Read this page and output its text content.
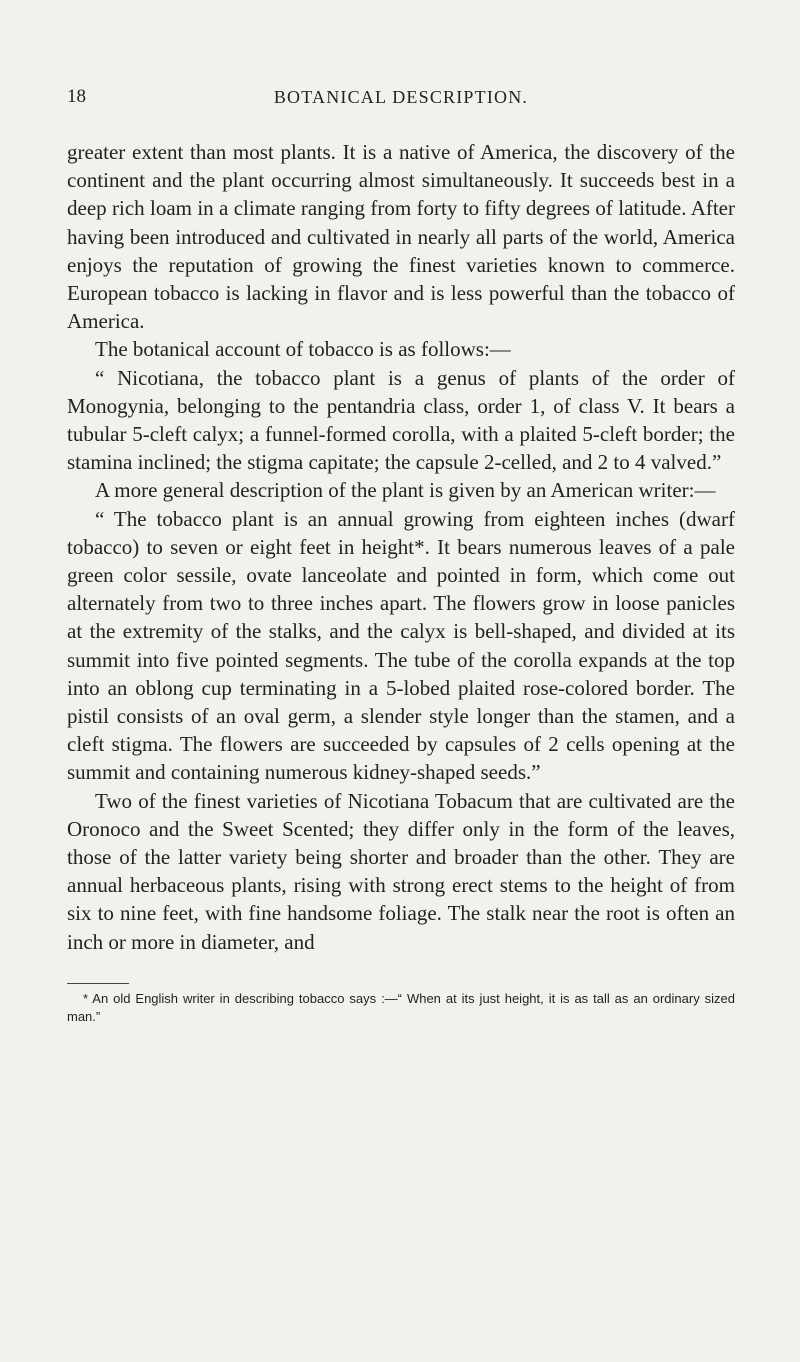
18	BOTANICAL DESCRIPTION.

greater extent than most plants. It is a native of America, the discovery of the continent and the plant occurring almost simultaneously. It succeeds best in a deep rich loam in a climate ranging from forty to fifty degrees of latitude. After having been introduced and cultivated in nearly all parts of the world, America enjoys the reputation of growing the finest varieties known to commerce. European tobacco is lacking in flavor and is less powerful than the tobacco of America.

The botanical account of tobacco is as follows:—

“ Nicotiana, the tobacco plant is a genus of plants of the order of Monogynia, belonging to the pentandria class, order 1, of class V. It bears a tubular 5-cleft calyx; a funnel-formed corolla, with a plaited 5-cleft border; the stamina inclined; the stigma capitate; the capsule 2-celled, and 2 to 4 valved.”

A more general description of the plant is given by an American writer:—

“ The tobacco plant is an annual growing from eighteen inches (dwarf tobacco) to seven or eight feet in height*. It bears numerous leaves of a pale green color sessile, ovate lanceolate and pointed in form, which come out alternately from two to three inches apart. The flowers grow in loose panicles at the extremity of the stalks, and the calyx is bell-shaped, and divided at its summit into five pointed segments. The tube of the corolla expands at the top into an oblong cup terminating in a 5-lobed plaited rose-colored border. The pistil consists of an oval germ, a slender style longer than the stamen, and a cleft stigma. The flowers are succeeded by capsules of 2 cells opening at the summit and containing numerous kidney-shaped seeds.”

Two of the finest varieties of Nicotiana Tobacum that are cultivated are the Oronoco and the Sweet Scented; they differ only in the form of the leaves, those of the latter variety being shorter and broader than the other. They are annual herbaceous plants, rising with strong erect stems to the height of from six to nine feet, with fine handsome foliage. The stalk near the root is often an inch or more in diameter, and

* An old English writer in describing tobacco says :—“ When at its just height, it is as tall as an ordinary sized man.”
